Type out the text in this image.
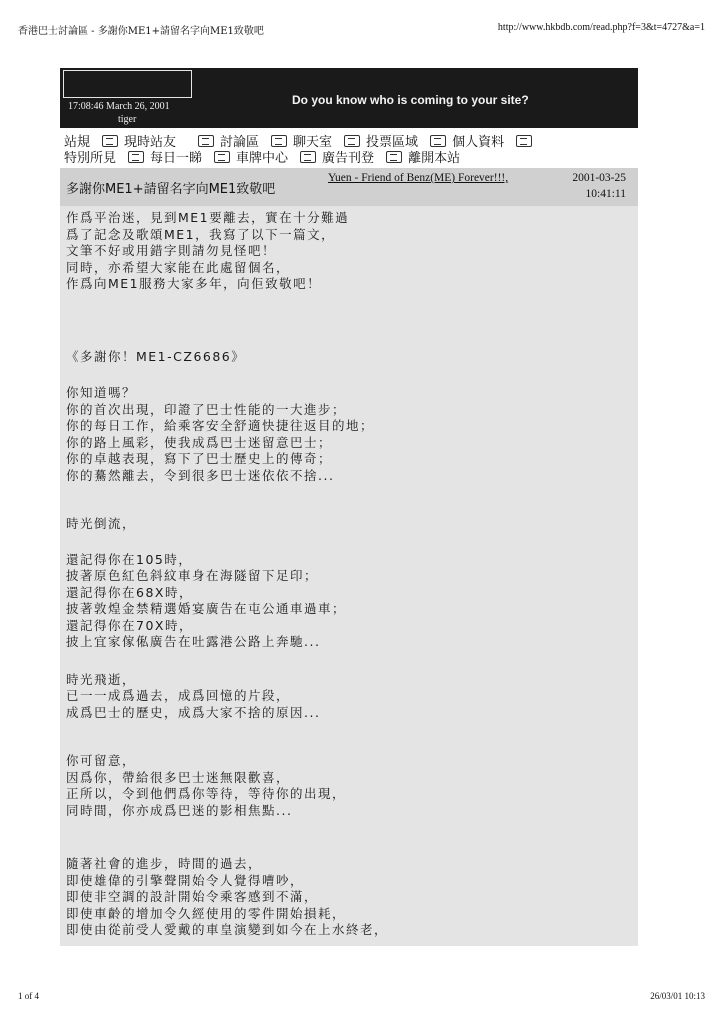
香港巴士討論區 - 多謝你ME1+請留名字向ME1致敬吧	http://www.hkbdb.com/read.php?f=3&t=4727&a=1
17:08:46 March 26, 2001
tiger
Do you know who is coming to your site?
站規	現時站友	討論區	聊天室	投票區域	個人資料
特別所見	每日一睇	車牌中心	廣告刊登	離開本站
多謝你ME1+請留名字向ME1致敬吧
Yuen - Friend of Benz(ME) Forever!!!,	2001-03-25
10:41:11

作爲平治迷，見到ME1要離去，實在十分難過
爲了記念及歌頌ME1，我寫了以下一篇文，
文筆不好或用錯字則請勿見怪吧！
同時，亦希望大家能在此處留個名，
作爲向ME1服務大家多年，向佢致敬吧！

《多謝你！ME1-CZ6686》

你知道嗎？
你的首次出現，印證了巴士性能的一大進步；
你的每日工作，給乘客安全舒適快捷往返目的地；
你的路上風彩，使我成爲巴士迷留意巴士；
你的卓越表現，寫下了巴士歷史上的傳奇；
你的驀然離去，令到很多巴士迷依依不捨...

時光倒流，

還記得你在105時，
披著原色紅色斜紋車身在海隧留下足印；
還記得你在68X時，
披著敦煌金禁精選婚宴廣告在屯公通車過車；
還記得你在70X時，
披上宜家傢俬廣告在吐露港公路上奔馳...

時光飛逝，
已一一成爲過去，成爲回憶的片段，
成爲巴士的歷史，成爲大家不捨的原因...

你可留意，
因爲你，帶給很多巴士迷無限歡喜，
正所以，令到他們爲你等待，等待你的出現，
同時間，你亦成爲巴迷的影相焦點...

隨著社會的進步，時間的過去，
即使雄偉的引擎聲開始令人覺得嘈吵，
即使非空調的設計開始令乘客感到不滿，
即使車齡的增加令久經使用的零件開始損耗，
即使由從前受人愛戴的車皇演變到如今在上水終老，

1 of 4	26/03/01 10:13
